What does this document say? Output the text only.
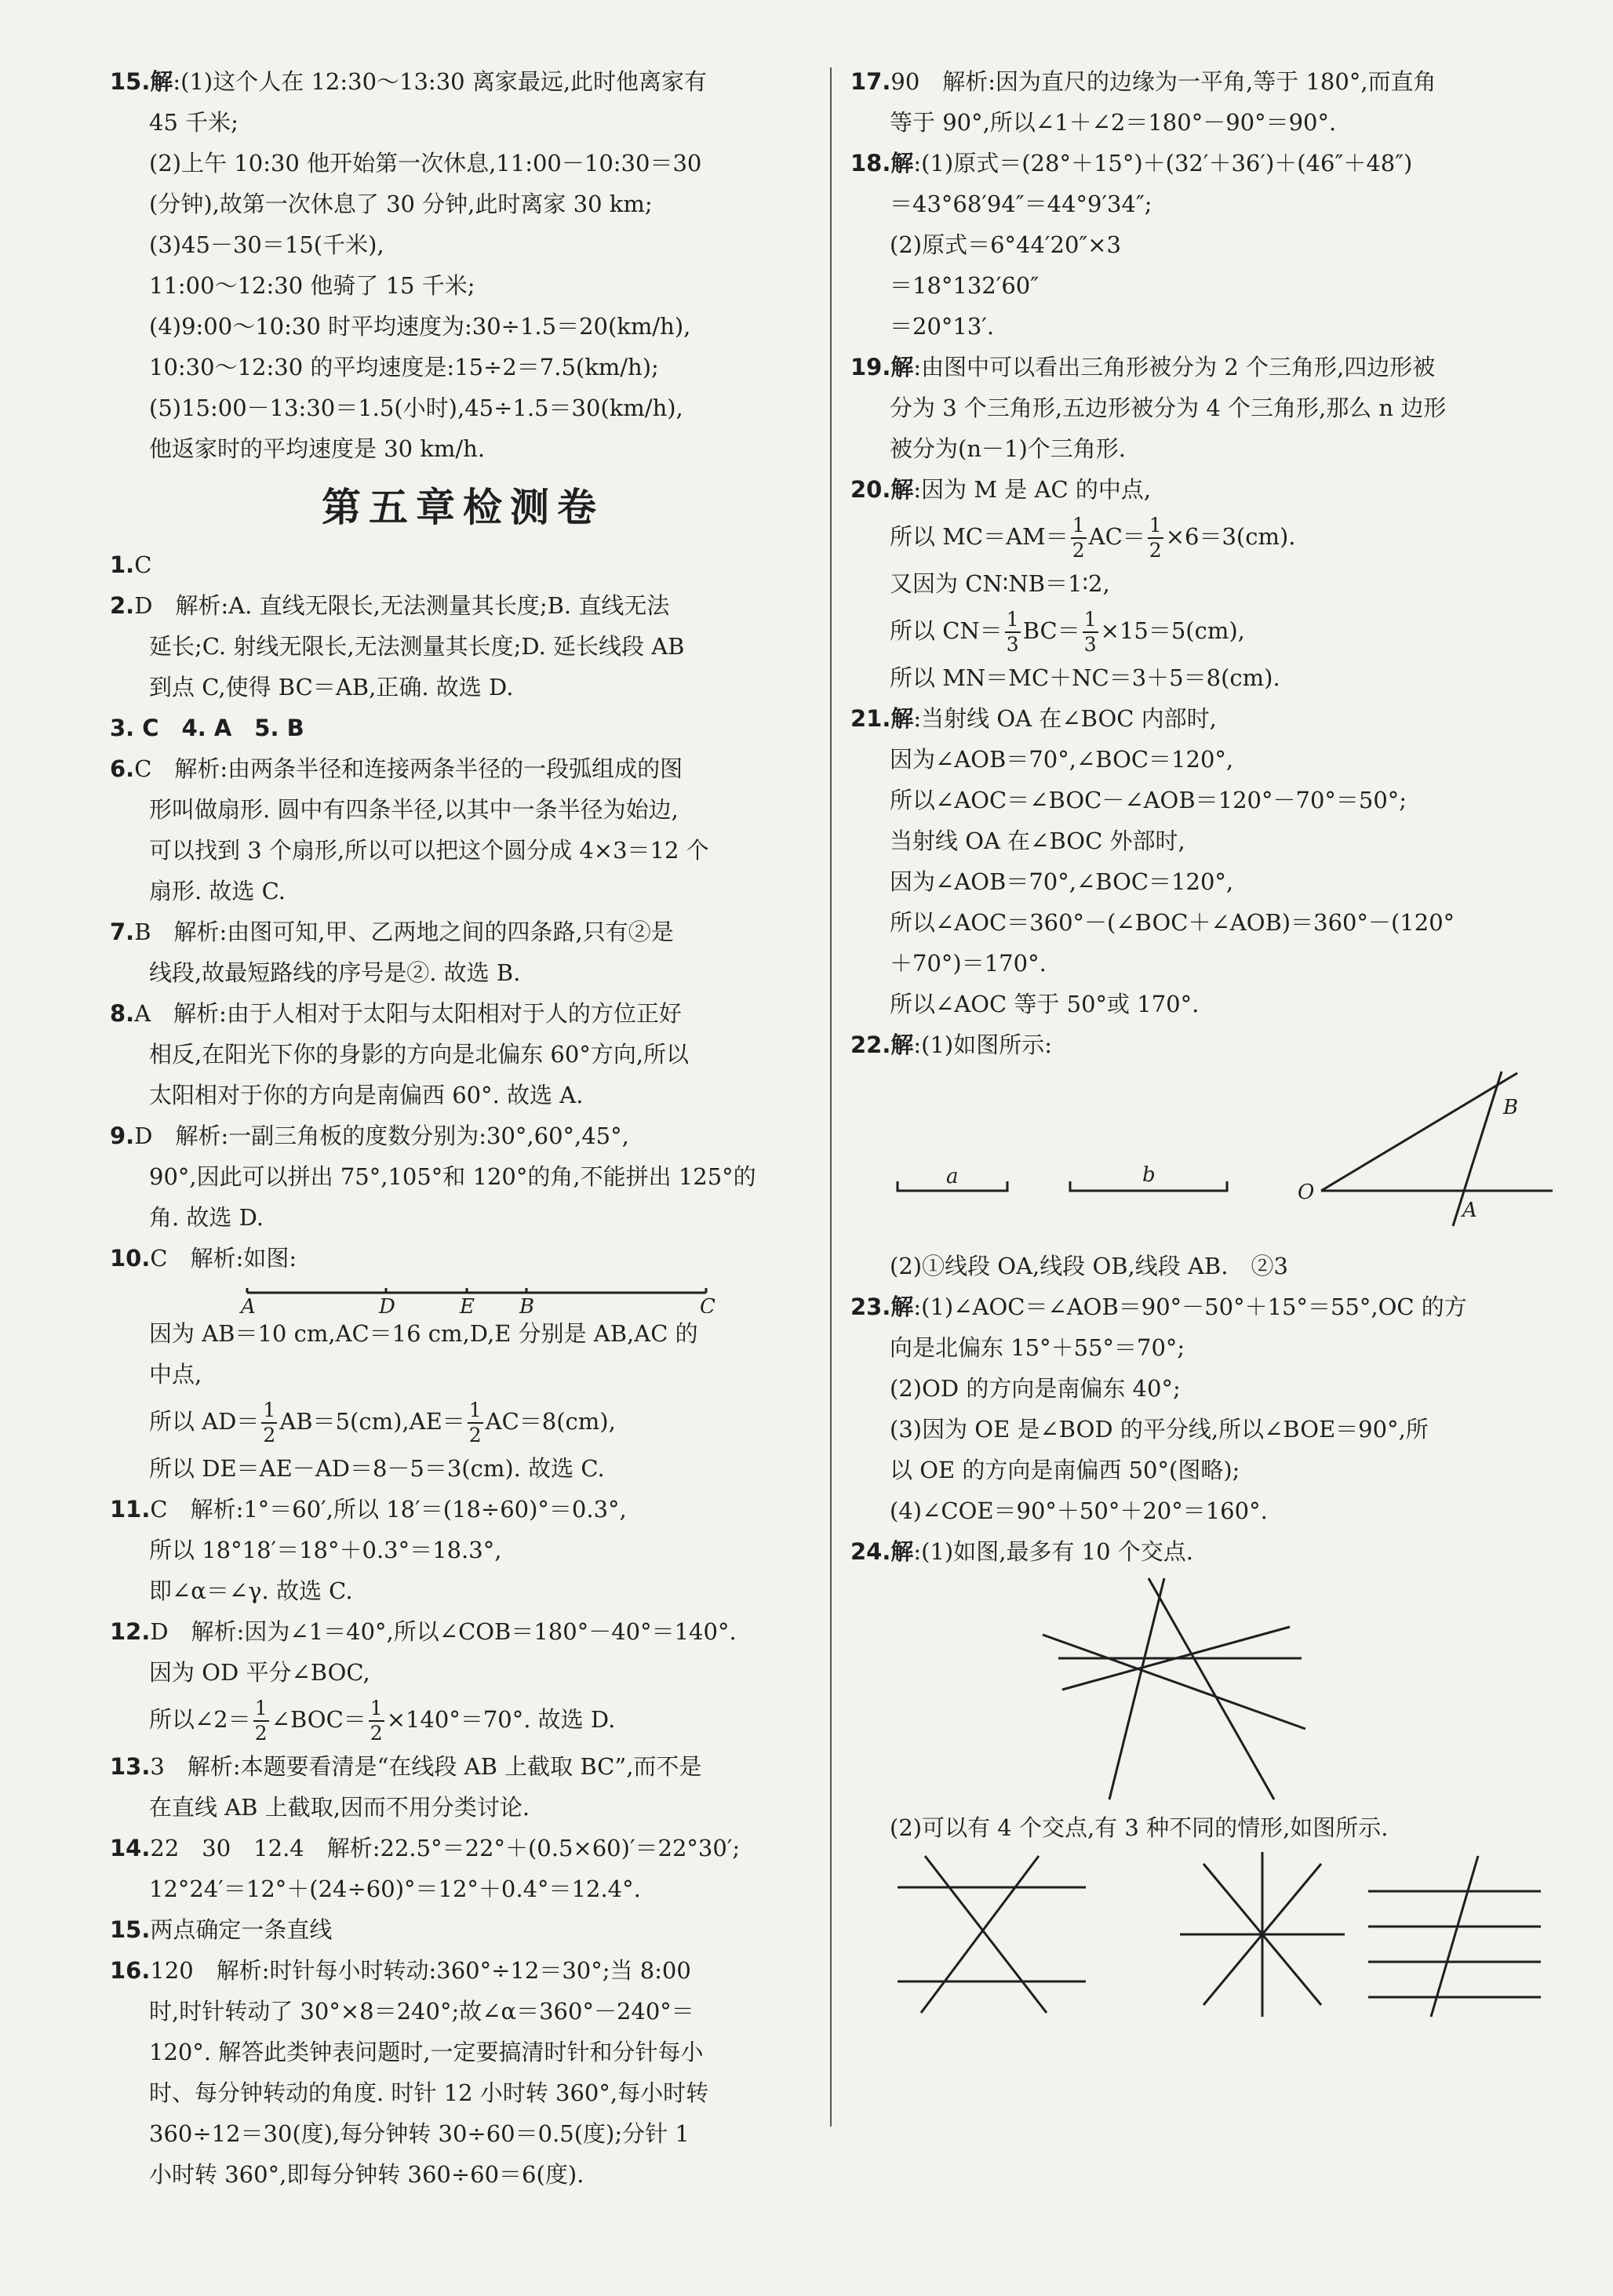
15.解:(1)这个人在 12:30～13:30 离家最远,此时他离家有

45 千米;

(2)上午 10:30 他开始第一次休息,11:00－10:30＝30

(分钟),故第一次休息了 30 分钟,此时离家 30 km;

(3)45－30＝15(千米),

11:00～12:30 他骑了 15 千米;

(4)9:00～10:30 时平均速度为:30÷1.5＝20(km/h),

10:30～12:30 的平均速度是:15÷2＝7.5(km/h);

(5)15:00－13:30＝1.5(小时),45÷1.5＝30(km/h),

他返家时的平均速度是 30 km/h.

第五章检测卷

1.C

2.D　解析:A. 直线无限长,无法测量其长度;B. 直线无法

延长;C. 射线无限长,无法测量其长度;D. 延长线段 AB

到点 C,使得 BC＝AB,正确. 故选 D.

3. C　4. A　5. B

6.C　解析:由两条半径和连接两条半径的一段弧组成的图

形叫做扇形. 圆中有四条半径,以其中一条半径为始边,

可以找到 3 个扇形,所以可以把这个圆分成 4×3＝12 个

扇形. 故选 C.

7.B　解析:由图可知,甲、乙两地之间的四条路,只有②是

线段,故最短路线的序号是②. 故选 B.

8.A　解析:由于人相对于太阳与太阳相对于人的方位正好

相反,在阳光下你的身影的方向是北偏东 60°方向,所以

太阳相对于你的方向是南偏西 60°. 故选 A.

9.D　解析:一副三角板的度数分别为:30°,60°,45°,

90°,因此可以拼出 75°,105°和 120°的角,不能拼出 125°的

角. 故选 D.

10.C　解析:如图:

A	D	E B	C

因为 AB＝10 cm,AC＝16 cm,D,E 分别是 AB,AC 的

中点,

所以 $AD= \frac{1}{2} AB=5(cm),AE= \frac{1}{2} AC=8(cm)$,

所以 DE＝AE－AD＝8－5＝3(cm). 故选 C.

11.C　解析:1°＝60′,所以 18′＝(18÷60)°＝0.3°,

所以 18°18′＝18°＋0.3°＝18.3°,

即∠α＝∠γ. 故选 C.

12.D　解析:因为∠1＝40°,所以∠COB＝180°－40°＝140°.

因为 OD 平分∠BOC,

所以∠2＝ $\frac{1}{2}$ ∠BOC＝ $\frac{1}{2} \times 140^\circ=70^\circ$. 故选 D.

13.3　解析:本题要看清是“在线段 AB 上截取 BC”,而不是

在直线 AB 上截取,因而不用分类讨论.

14.22　30　12.4　解析:22.5°＝22°＋(0.5×60)′＝22°30′;

12°24′＝12°＋(24÷60)°＝12°＋0.4°＝12.4°.

15.两点确定一条直线

16.120　解析:时针每小时转动:360°÷12＝30°;当 8:00

时,时针转动了 30°×8＝240°;故∠α＝360°－240°＝

120°. 解答此类钟表问题时,一定要搞清时针和分针每小

时、每分钟转动的角度. 时针 12 小时转 360°,每小时转

360÷12＝30(度),每分钟转 30÷60＝0.5(度);分针 1

小时转 360°,即每分钟转 360÷60＝6(度).

17.90　解析:因为直尺的边缘为一平角,等于 180°,而直角

等于 90°,所以∠1＋∠2＝180°－90°＝90°.

18.解:(1)原式＝(28°＋15°)＋(32′＋36′)＋(46″＋48″)

＝43°68′94″＝44°9′34″;

(2)原式＝6°44′20″×3

＝18°132′60″

＝20°13′.

19.解:由图中可以看出三角形被分为 2 个三角形,四边形被

分为 3 个三角形,五边形被分为 4 个三角形,那么 n 边形

被分为(n－1)个三角形.

20.解:因为 M 是 AC 的中点,

所以 $MC=AM= \frac{1}{2} AC= \frac{1}{2} \times 6=3(cm)$.

又因为 CN∶NB＝1∶2,

所以 $CN= \frac{1}{3} BC= \frac{1}{3} \times 15=5(cm)$,

所以 MN＝MC＋NC＝3＋5＝8(cm).

21.解:当射线 OA 在∠BOC 内部时,

因为∠AOB＝70°,∠BOC＝120°,

所以∠AOC＝∠BOC－∠AOB＝120°－70°＝50°;

当射线 OA 在∠BOC 外部时,

因为∠AOB＝70°,∠BOC＝120°,

所以∠AOC＝360°－(∠BOC＋∠AOB)＝360°－(120°

＋70°)＝170°.

所以∠AOC 等于 50°或 170°.

22.解:(1)如图所示:

a	b
O
A
B

(2)①线段 OA,线段 OB,线段 AB.　②3

23.解:(1)∠AOC＝∠AOB＝90°－50°＋15°＝55°,OC 的方

向是北偏东 15°＋55°＝70°;

(2)OD 的方向是南偏东 40°;

(3)因为 OE 是∠BOD 的平分线,所以∠BOE＝90°,所

以 OE 的方向是南偏西 50°(图略);

(4)∠COE＝90°＋50°＋20°＝160°.

24.解:(1)如图,最多有 10 个交点.

(2)可以有 4 个交点,有 3 种不同的情形,如图所示.
